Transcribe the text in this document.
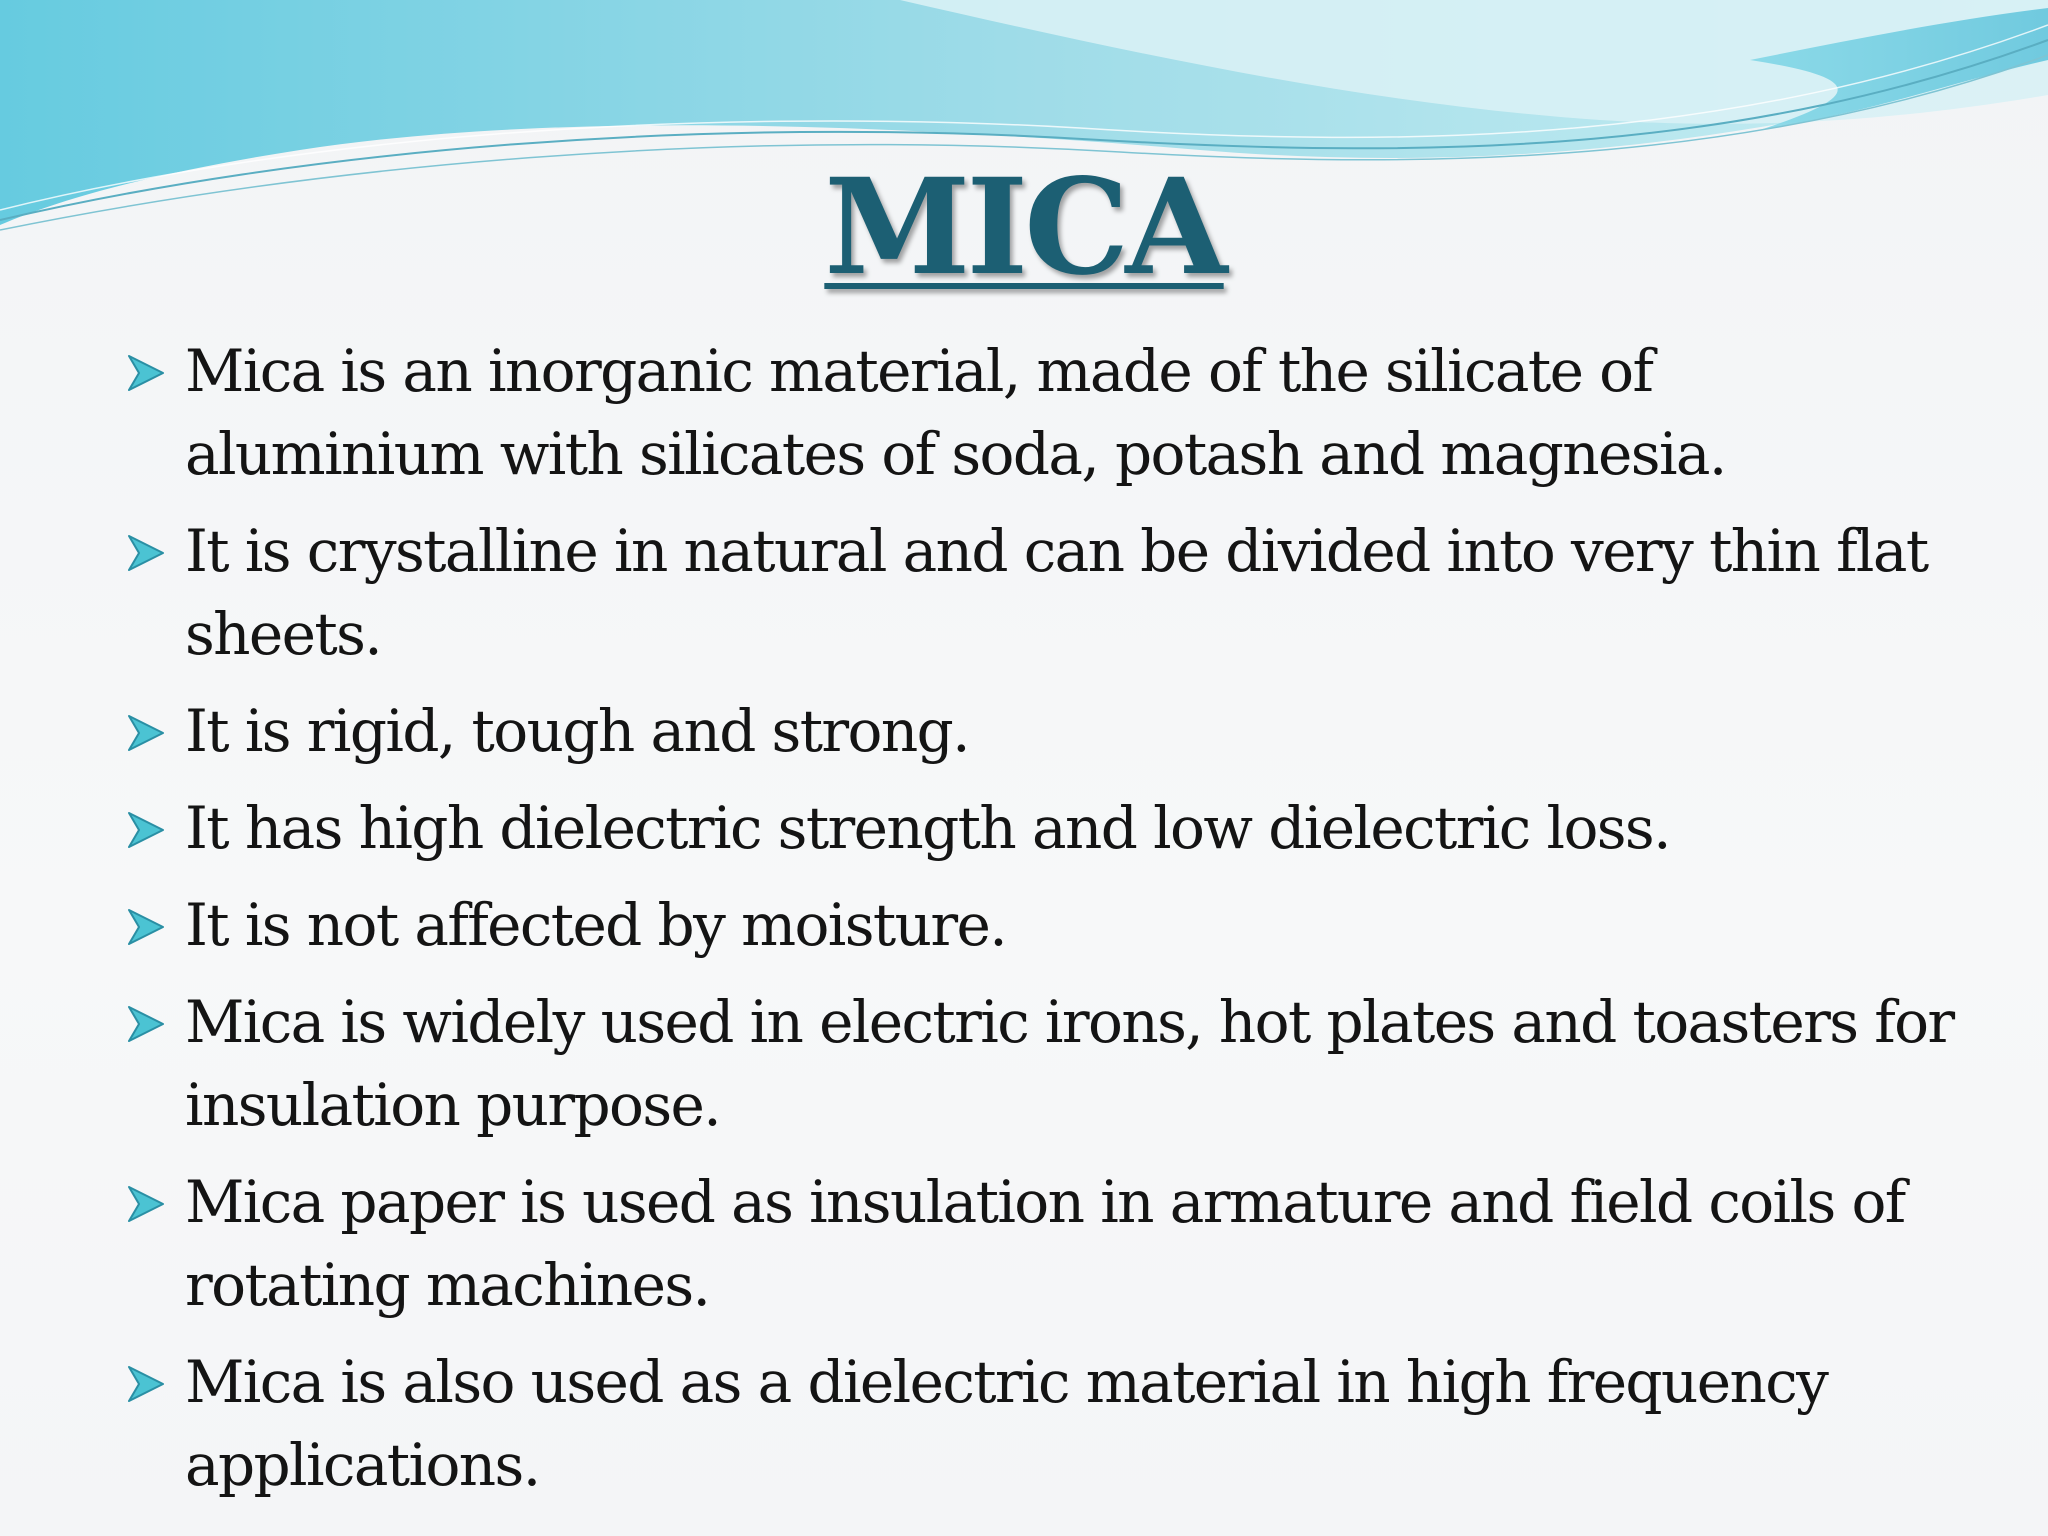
MICA
Mica is an inorganic material, made of the silicate of aluminium with silicates of soda, potash and magnesia.
It is crystalline in natural and can be divided into very thin flat sheets.
It is rigid, tough and strong.
It has high dielectric strength and low dielectric loss.
It is not affected by moisture.
Mica is widely used in electric irons, hot plates and toasters for insulation purpose.
Mica paper is used as insulation in armature and field coils of rotating machines.
Mica is also used as a dielectric material in high frequency applications.
